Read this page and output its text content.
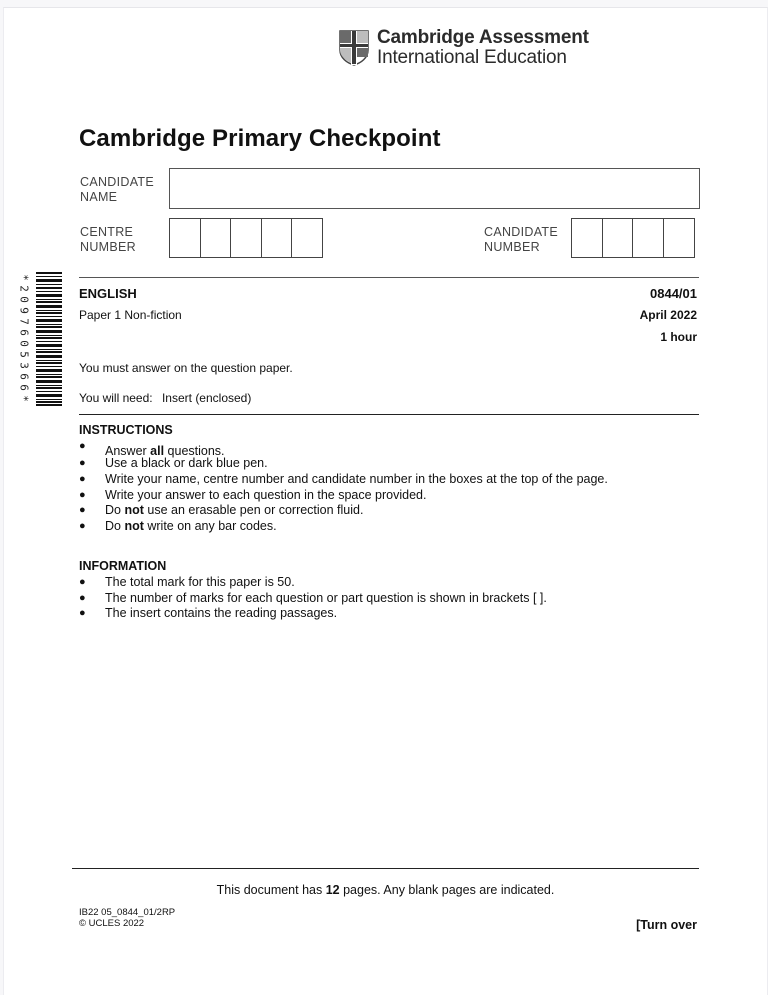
Cambridge Assessment
International Education
Cambridge Primary Checkpoint
CANDIDATE
NAME
CENTRE
NUMBER
CANDIDATE
NUMBER
*
2
0
9
7
6
0
5
3
6
6
*
ENGLISH	0844/01
Paper 1 Non-fiction	April 2022
1 hour
You must answer on the question paper.
You will need: Insert (enclosed)
INSTRUCTIONS
● Answer all questions.
● Use a black or dark blue pen.
● Write your name, centre number and candidate number in the boxes at the top of the page.
● Write your answer to each question in the space provided.
● Do not use an erasable pen or correction fluid.
● Do not write on any bar codes.
INFORMATION
● The total mark for this paper is 50.
● The number of marks for each question or part question is shown in brackets [ ].
● The insert contains the reading passages.
This document has 12 pages. Any blank pages are indicated.
IB22 05_0844_01/2RP
© UCLES 2022	[Turn over
